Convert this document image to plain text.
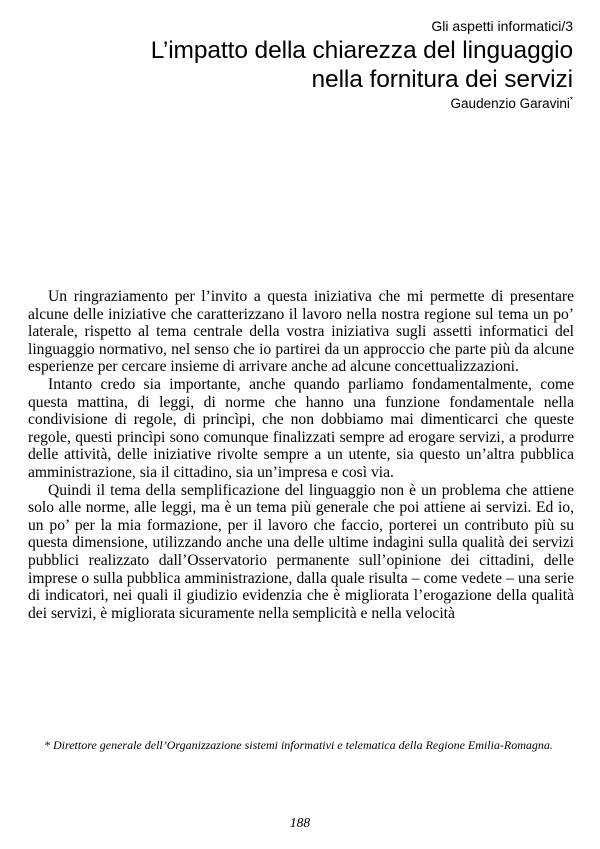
Gli aspetti informatici/3
L’impatto della chiarezza del linguaggio
nella fornitura dei servizi
Gaudenzio Garavini*

Un ringraziamento per l’invito a questa iniziativa che mi permette di presentare alcune delle iniziative che caratterizzano il lavoro nella nostra regione sul tema un po’ laterale, rispetto al tema centrale della vostra iniziativa sugli assetti informatici del linguaggio normativo, nel senso che io partirei da un approccio che parte più da alcune esperienze per cercare insieme di arrivare anche ad alcune concettualizzazioni.

Intanto credo sia importante, anche quando parliamo fondamentalmente, come questa mattina, di leggi, di norme che hanno una funzione fondamentale nella condivisione di regole, di princìpi, che non dobbiamo mai dimenticarci che queste regole, questi princìpi sono comunque finalizzati sempre ad erogare servizi, a produrre delle attività, delle iniziative rivolte sempre a un utente, sia questo un’altra pubblica amministrazione, sia il cittadino, sia un’impresa e così via.

Quindi il tema della semplificazione del linguaggio non è un problema che attiene solo alle norme, alle leggi, ma è un tema più generale che poi attiene ai servizi. Ed io, un po’ per la mia formazione, per il lavoro che faccio, porterei un contributo più su questa dimensione, utilizzando anche una delle ultime indagini sulla qualità dei servizi pubblici realizzato dall’Osservatorio permanente sull’opinione dei cittadini, delle imprese o sulla pubblica amministrazione, dalla quale risulta – come vedete – una serie di indicatori, nei quali il giudizio evidenzia che è migliorata l’erogazione della qualità dei servizi, è migliorata sicuramente nella semplicità e nella velocità

* Direttore generale dell’Organizzazione sistemi informativi e telematica della Regione Emilia-Romagna.

188
